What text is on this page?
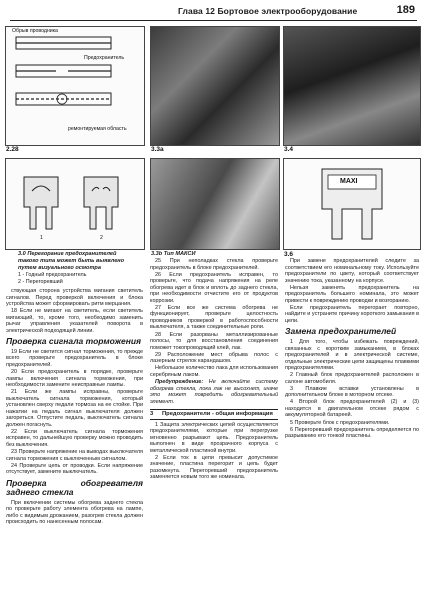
Глава 12 Бортовое электрооборудование	189
Обрыв проводника
Предохранитель
ремонтируемая область
2.28	3.3a	3.4
1	2
3.0 Перегорание предохранителей такого типа может быть выявлено путем визуального осмотра
1 - Годный предохранитель
2 - Перегоревший
3.3b Тип МАКСИ
MAXI
3.6

ствующая сторона устройства мигания светитель сигналов. Перед проверкой включения и блока устройства может сформировать ритм мерцания.

18 Если не мигают на светитель, если светитель мигающий, то, кроме того, необходимо заменить рычаг управления указателей поворота в электрической подходящей линии.

Проверка сигнала торможения

19 Если не светится сигнал торможения, то прежде всего проверьте предохранитель в блоке предохранителей.

20 Если предохранитель в порядке, проверьте лампы включения сигнала торможения, при необходимости замените неисправные лампы.

21 Если же лампы исправны, проверьте выключатель сигнала торможения, который установлен сверху педали тормоза на ее стойке. При нажатии на педаль сигнал выключателя должен загореться. Отпустите педаль, выключатель сигнала должен погаснуть.

22 Если выключатель сигнала торможения исправен, то дальнейшую проверку можно проводить без выключения.

23 Проверьте напряжение на выводах выключателя сигнала торможения с выключенным сигналом.

24 Проверьте цепь от проводки. Если напряжение отсутствует, замените выключатель.

Проверка обогревателя заднего стекла

При включении системы обогрева заднего стекла по проверьте работу элемента обогрева на лампе, либо с видимым дрожанием, разогрев стекла должен происходить по нанесенным полосам.

25 При неполадках стекла проверьте предохранитель в блоке предохранителей.

26 Если предохранитель исправен, то проверьте, что подача напряжения на реле обогрева идет в блок и вплоть до заднего стекла, при необходимости отчистите его от продуктов коррозии.

27 Если все же система обогрева не функционирует, проверьте целостность проводников проверкой в работоспособности выключателя, а также соединительные роли.

28 Если разорваны металлизированные полосы, то для восстановления соединения поможет токопроводящий клей, лак.

29 Расположение мест обрыва полос с лазерным стрелок карандашом.

Небольшое количество лака для использования серебряным лаком.

Предупреждение: Не включайте систему обогрева стекла, пока лак не высохнет, иначе это может повредить обогревательный элемент.

3	Предохранители - общая информация

1 Защита электрических цепей осуществляется предохранителями, которые при перегрузке мгновенно разрывают цепь. Предохранитель выполнен в виде прозрачного корпуса с металлической пластиной внутри.

2 Если ток в цепи превысит допустимое значение, пластина перегорит и цепь будет разомкнута. Перегоревший предохранитель заменяется новым того же номинала.

При замене предохранителей следите за соответствием его номинальному току. Используйте предохранители по цвету, который соответствует значению тока, указанному на корпусе.

Нельзя заменять предохранитель на предохранитель большего номинала, это может привести к повреждению проводки и возгоранию.

Если предохранитель перегорает повторно, найдите и устраните причину короткого замыкания в цепи.

Замена предохранителей

1 Для того, чтобы избежать повреждений, связанных с коротким замыканием, в блоках предохранителей и в электрической системе, отдельные электрические цепи защищены плавкими предохранителями.

2 Главный блок предохранителей расположен в салоне автомобиля.

3 Плавкие вставки установлены в дополнительном блоке в моторном отсеке.

4 Второй блок предохранителей (2) и (3) находится в двигательном отсеке рядом с аккумуляторной батареей.

5 Проверьте блок с предохранителями.

6 Перегоревший предохранитель определяется по разрыванию его тонкой пластины.
